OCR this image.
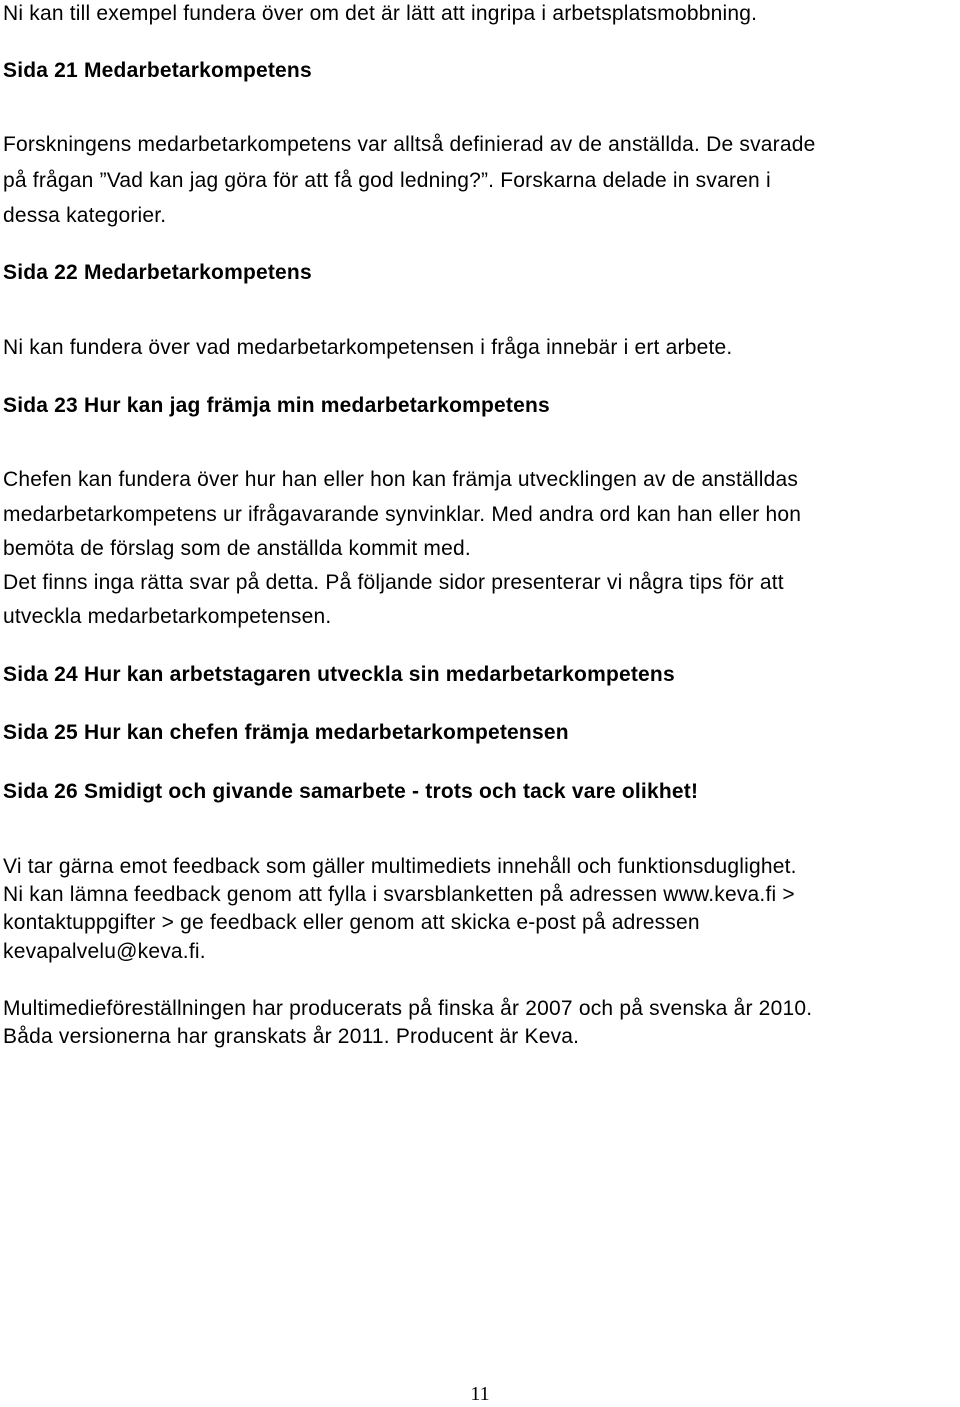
Ni kan till exempel fundera över om det är lätt att ingripa i arbetsplatsmobbning.

Sida 21 Medarbetarkompetens

Forskningens medarbetarkompetens var alltså definierad av de anställda. De svarade

på frågan ”Vad kan jag göra för att få god ledning?”. Forskarna delade in svaren i

dessa kategorier.

Sida 22 Medarbetarkompetens

Ni kan fundera över vad medarbetarkompetensen i fråga innebär i ert arbete.

Sida 23 Hur kan jag främja min medarbetarkompetens

Chefen kan fundera över hur han eller hon kan främja utvecklingen av de anställdas

medarbetarkompetens ur ifrågavarande synvinklar. Med andra ord kan han eller hon

bemöta de förslag som de anställda kommit med.

Det finns inga rätta svar på detta. På följande sidor presenterar vi några tips för att

utveckla medarbetarkompetensen.

Sida 24 Hur kan arbetstagaren utveckla sin medarbetarkompetens

Sida 25 Hur kan chefen främja medarbetarkompetensen

Sida 26 Smidigt och givande samarbete - trots och tack vare olikhet!

Vi tar gärna emot feedback som gäller multimediets innehåll och funktionsduglighet.

Ni kan lämna feedback genom att fylla i svarsblanketten på adressen www.keva.fi >

kontaktuppgifter > ge feedback eller genom att skicka e-post på adressen

kevapalvelu@keva.fi.

Multimedieföreställningen har producerats på finska år 2007 och på svenska år 2010.

Båda versionerna har granskats år 2011. Producent är Keva.

11
